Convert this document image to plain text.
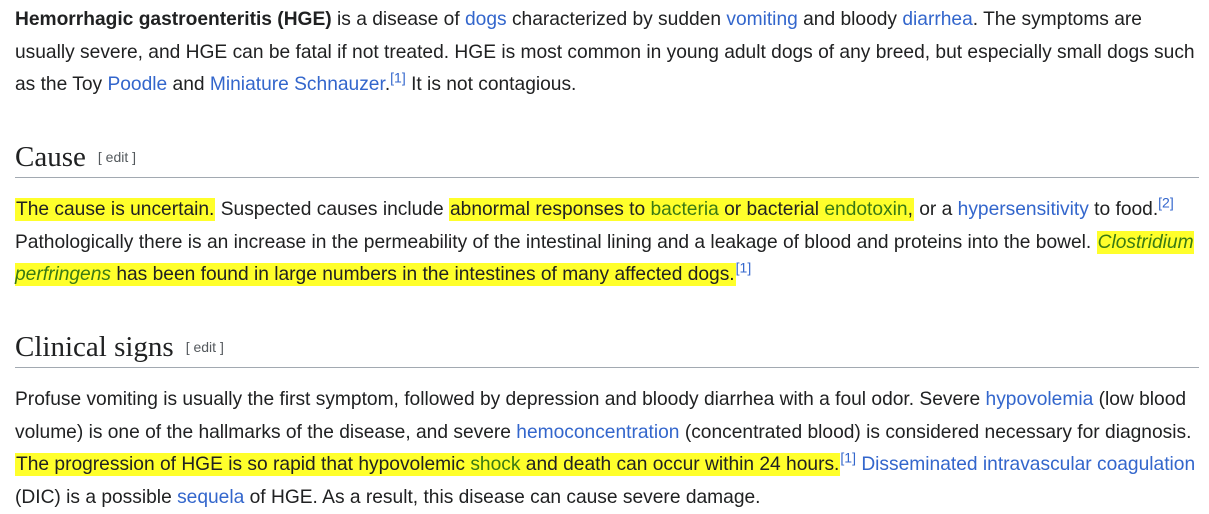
Hemorrhagic gastroenteritis (HGE) is a disease of dogs characterized by sudden vomiting and bloody diarrhea. The symptoms are usually severe, and HGE can be fatal if not treated. HGE is most common in young adult dogs of any breed, but especially small dogs such as the Toy Poodle and Miniature Schnauzer.[1] It is not contagious.

Cause [ edit ]

The cause is uncertain. Suspected causes include abnormal responses to bacteria or bacterial endotoxin, or a hypersensitivity to food.[2] Pathologically there is an increase in the permeability of the intestinal lining and a leakage of blood and proteins into the bowel. Clostridium perfringens has been found in large numbers in the intestines of many affected dogs.[1]

Clinical signs [ edit ]

Profuse vomiting is usually the first symptom, followed by depression and bloody diarrhea with a foul odor. Severe hypovolemia (low blood volume) is one of the hallmarks of the disease, and severe hemoconcentration (concentrated blood) is considered necessary for diagnosis. The progression of HGE is so rapid that hypovolemic shock and death can occur within 24 hours.[1] Disseminated intravascular coagulation (DIC) is a possible sequela of HGE. As a result, this disease can cause severe damage.
